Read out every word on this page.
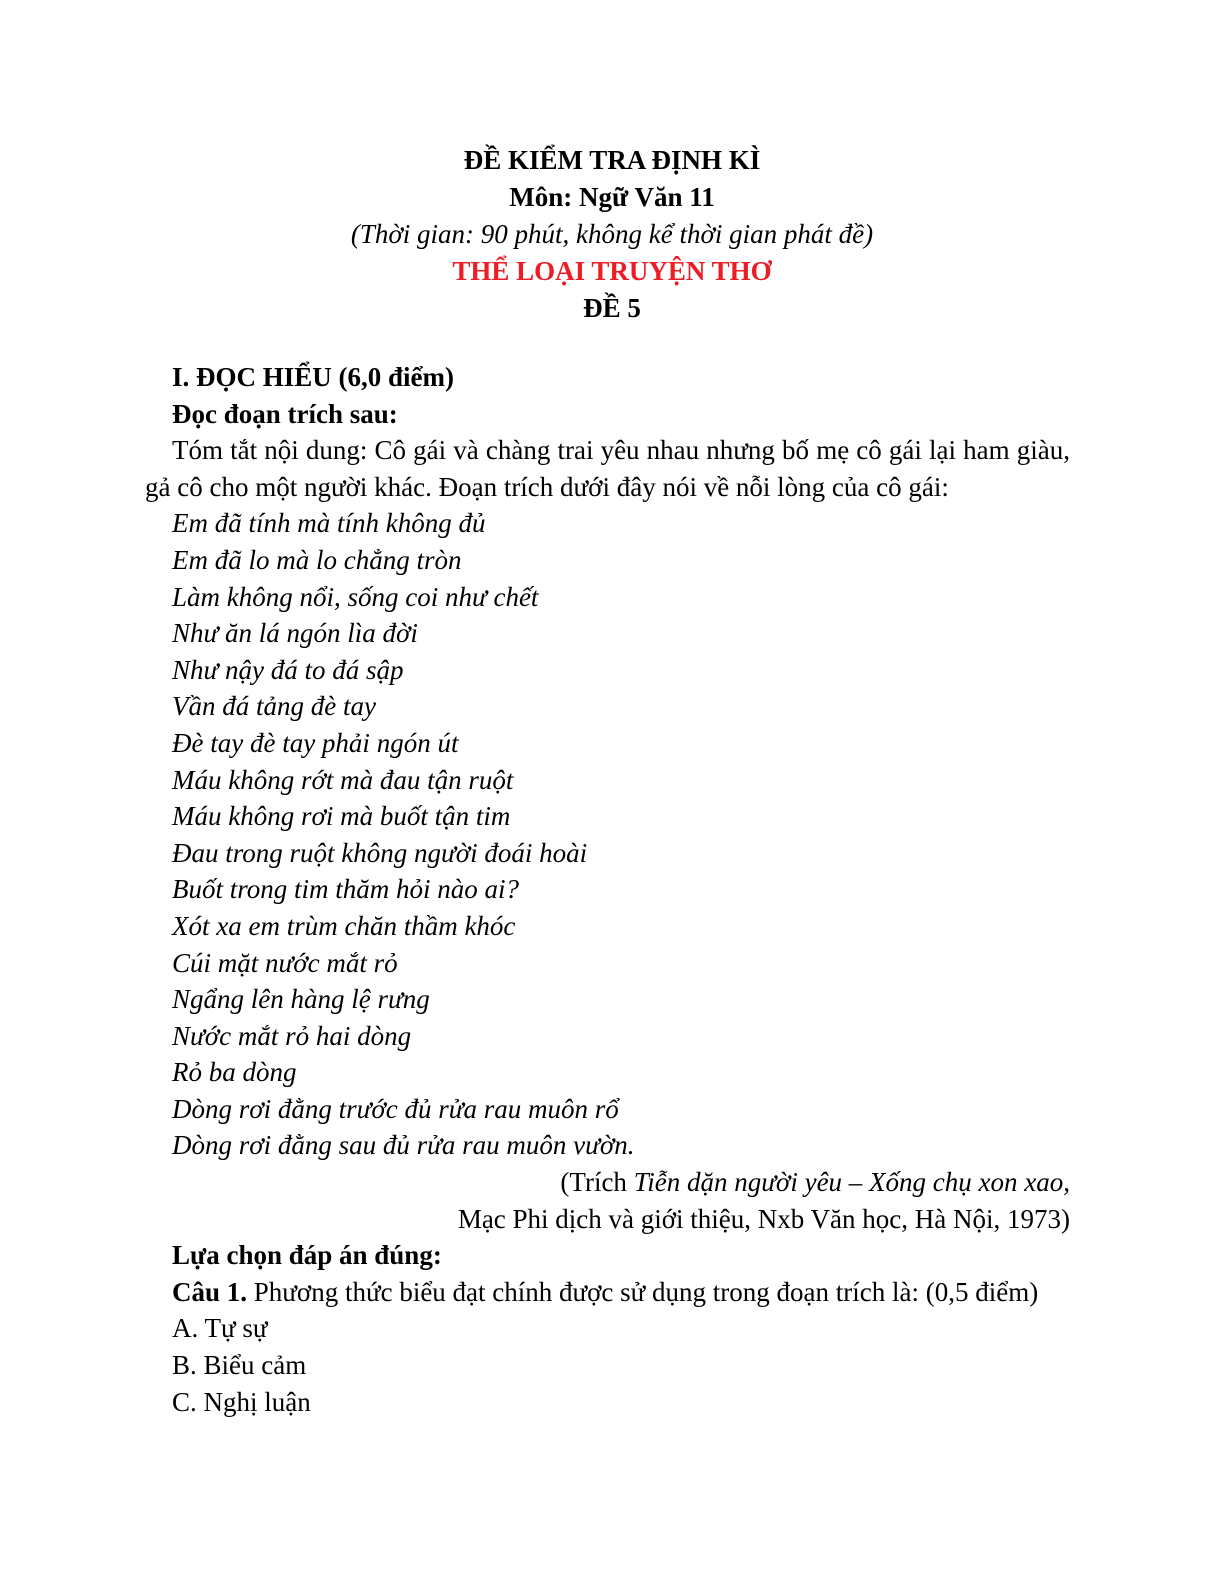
ĐỀ KIỂM TRA ĐỊNH KÌ
Môn: Ngữ Văn 11
(Thời gian: 90 phút, không kể thời gian phát đề)
THỂ LOẠI TRUYỆN THƠ
ĐỀ 5
I. ĐỌC HIỂU (6,0 điểm)
Đọc đoạn trích sau:
Tóm tắt nội dung: Cô gái và chàng trai yêu nhau nhưng bố mẹ cô gái lại ham giàu, gả cô cho một người khác. Đoạn trích dưới đây nói về nỗi lòng của cô gái:
Em đã tính mà tính không đủ
Em đã lo mà lo chẳng tròn
Làm không nổi, sống coi như chết
Như ăn lá ngón lìa đời
Như nậy đá to đá sập
Vần đá tảng đè tay
Đè tay đè tay phải ngón út
Máu không rớt mà đau tận ruột
Máu không rơi mà buốt tận tim
Đau trong ruột không người đoái hoài
Buốt trong tim thăm hỏi nào ai?
Xót xa em trùm chăn thầm khóc
Cúi mặt nước mắt rỏ
Ngẩng lên hàng lệ rưng
Nước mắt rỏ hai dòng
Rỏ ba dòng
Dòng rơi đằng trước đủ rửa rau muôn rổ
Dòng rơi đằng sau đủ rửa rau muôn vườn.
(Trích Tiễn dặn người yêu – Xống chụ xon xao,
Mạc Phi dịch và giới thiệu, Nxb Văn học, Hà Nội, 1973)
Lựa chọn đáp án đúng:
Câu 1. Phương thức biểu đạt chính được sử dụng trong đoạn trích là: (0,5 điểm)
A. Tự sự
B. Biểu cảm
C. Nghị luận
